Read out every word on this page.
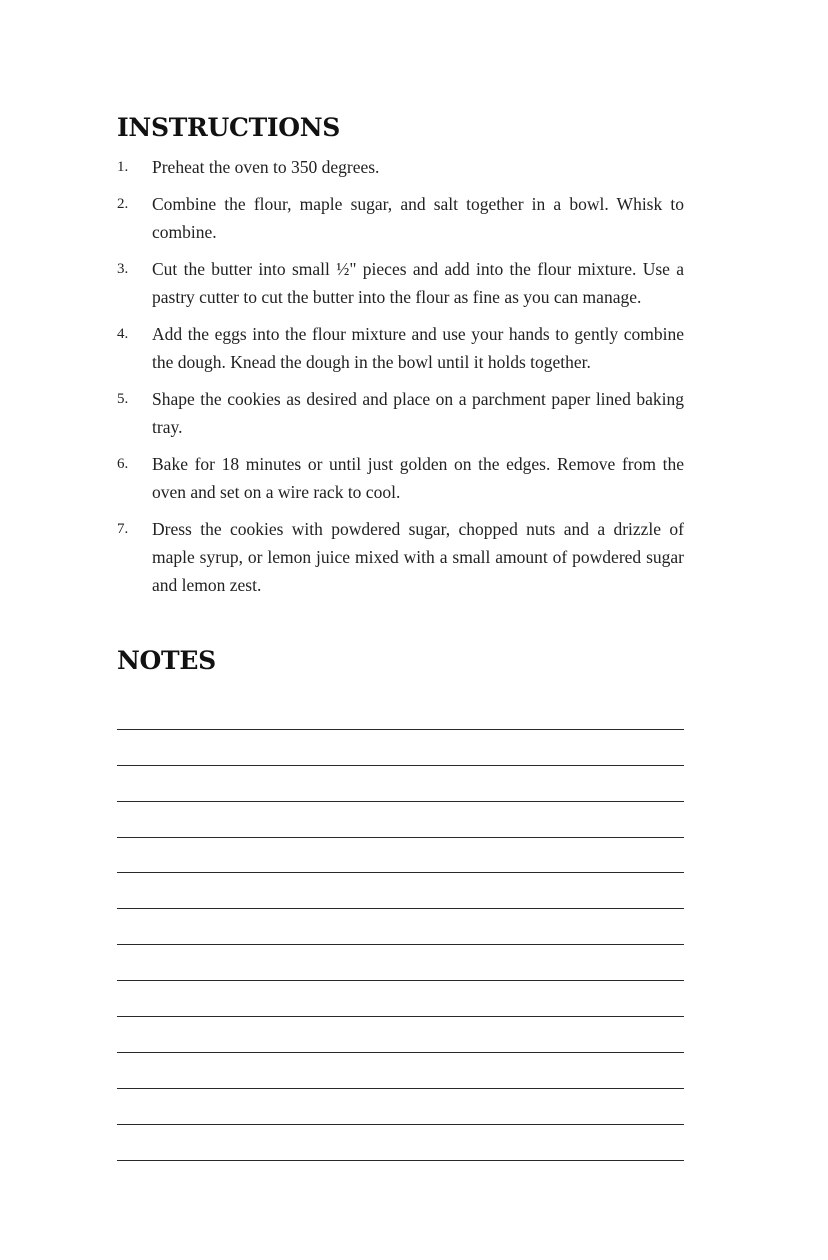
INSTRUCTIONS
1. Preheat the oven to 350 degrees.
2. Combine the flour, maple sugar, and salt together in a bowl. Whisk to combine.
3. Cut the butter into small ½" pieces and add into the flour mixture. Use a pastry cutter to cut the butter into the flour as fine as you can manage.
4. Add the eggs into the flour mixture and use your hands to gently combine the dough. Knead the dough in the bowl until it holds together.
5. Shape the cookies as desired and place on a parchment paper lined baking tray.
6. Bake for 18 minutes or until just golden on the edges. Remove from the oven and set on a wire rack to cool.
7. Dress the cookies with powdered sugar, chopped nuts and a drizzle of maple syrup, or lemon juice mixed with a small amount of powdered sugar and lemon zest.
NOTES
